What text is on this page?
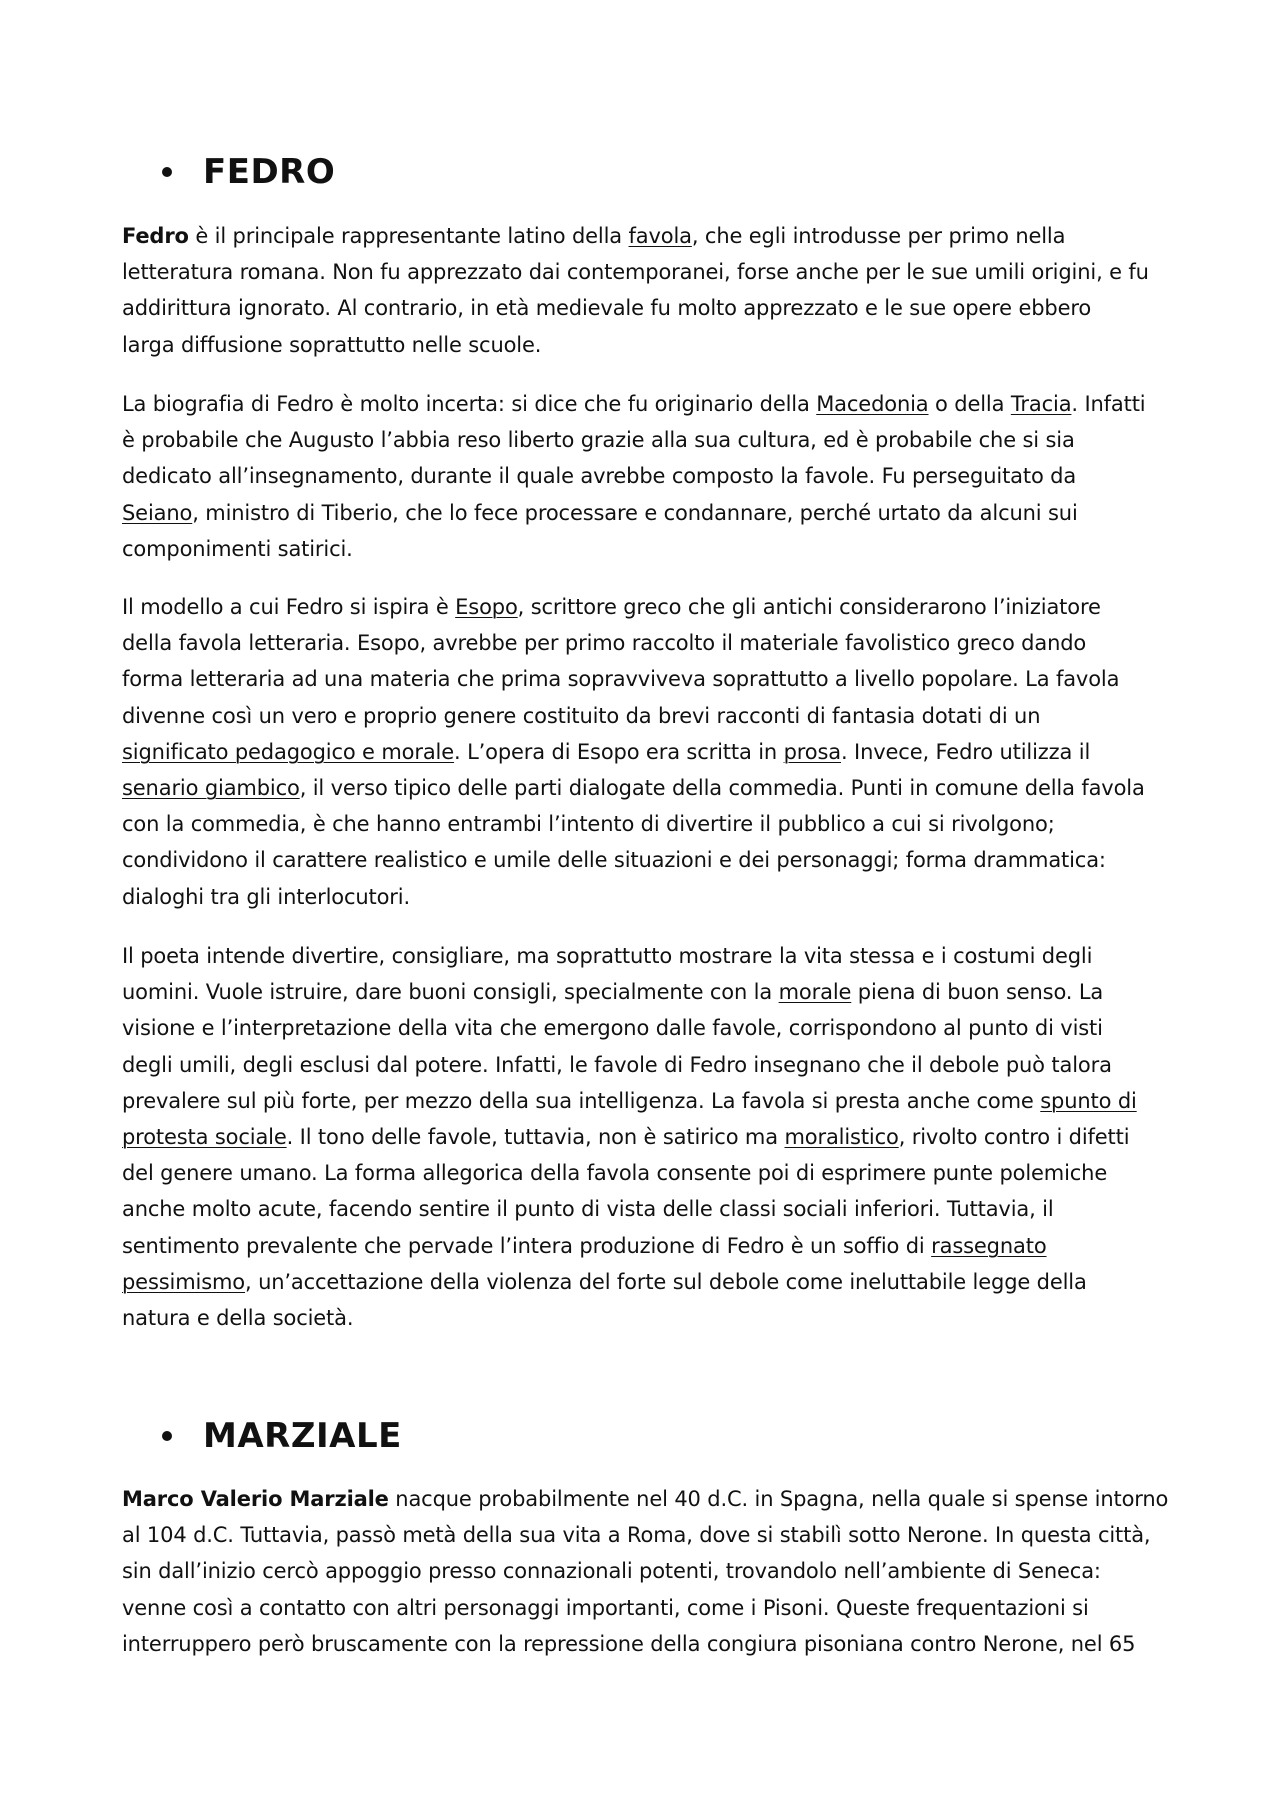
FEDRO

Fedro è il principale rappresentante latino della favola, che egli introdusse per primo nella
letteratura romana. Non fu apprezzato dai contemporanei, forse anche per le sue umili origini, e fu
addirittura ignorato. Al contrario, in età medievale fu molto apprezzato e le sue opere ebbero
larga diffusione soprattutto nelle scuole.

La biografia di Fedro è molto incerta: si dice che fu originario della Macedonia o della Tracia. Infatti
è probabile che Augusto l’abbia reso liberto grazie alla sua cultura, ed è probabile che si sia
dedicato all’insegnamento, durante il quale avrebbe composto la favole. Fu perseguitato da
Seiano, ministro di Tiberio, che lo fece processare e condannare, perché urtato da alcuni sui
componimenti satirici.

Il modello a cui Fedro si ispira è Esopo, scrittore greco che gli antichi considerarono l’iniziatore
della favola letteraria. Esopo, avrebbe per primo raccolto il materiale favolistico greco dando
forma letteraria ad una materia che prima sopravviveva soprattutto a livello popolare. La favola
divenne così un vero e proprio genere costituito da brevi racconti di fantasia dotati di un
significato pedagogico e morale. L’opera di Esopo era scritta in prosa. Invece, Fedro utilizza il
senario giambico, il verso tipico delle parti dialogate della commedia. Punti in comune della favola
con la commedia, è che hanno entrambi l’intento di divertire il pubblico a cui si rivolgono;
condividono il carattere realistico e umile delle situazioni e dei personaggi; forma drammatica:
dialoghi tra gli interlocutori.

Il poeta intende divertire, consigliare, ma soprattutto mostrare la vita stessa e i costumi degli
uomini. Vuole istruire, dare buoni consigli, specialmente con la morale piena di buon senso. La
visione e l’interpretazione della vita che emergono dalle favole, corrispondono al punto di visti
degli umili, degli esclusi dal potere. Infatti, le favole di Fedro insegnano che il debole può talora
prevalere sul più forte, per mezzo della sua intelligenza. La favola si presta anche come spunto di
protesta sociale. Il tono delle favole, tuttavia, non è satirico ma moralistico, rivolto contro i difetti
del genere umano. La forma allegorica della favola consente poi di esprimere punte polemiche
anche molto acute, facendo sentire il punto di vista delle classi sociali inferiori. Tuttavia, il
sentimento prevalente che pervade l’intera produzione di Fedro è un soffio di rassegnato
pessimismo, un’accettazione della violenza del forte sul debole come ineluttabile legge della
natura e della società.

MARZIALE

Marco Valerio Marziale nacque probabilmente nel 40 d.C. in Spagna, nella quale si spense intorno
al 104 d.C. Tuttavia, passò metà della sua vita a Roma, dove si stabilì sotto Nerone. In questa città,
sin dall’inizio cercò appoggio presso connazionali potenti, trovandolo nell’ambiente di Seneca:
venne così a contatto con altri personaggi importanti, come i Pisoni. Queste frequentazioni si
interruppero però bruscamente con la repressione della congiura pisoniana contro Nerone, nel 65
